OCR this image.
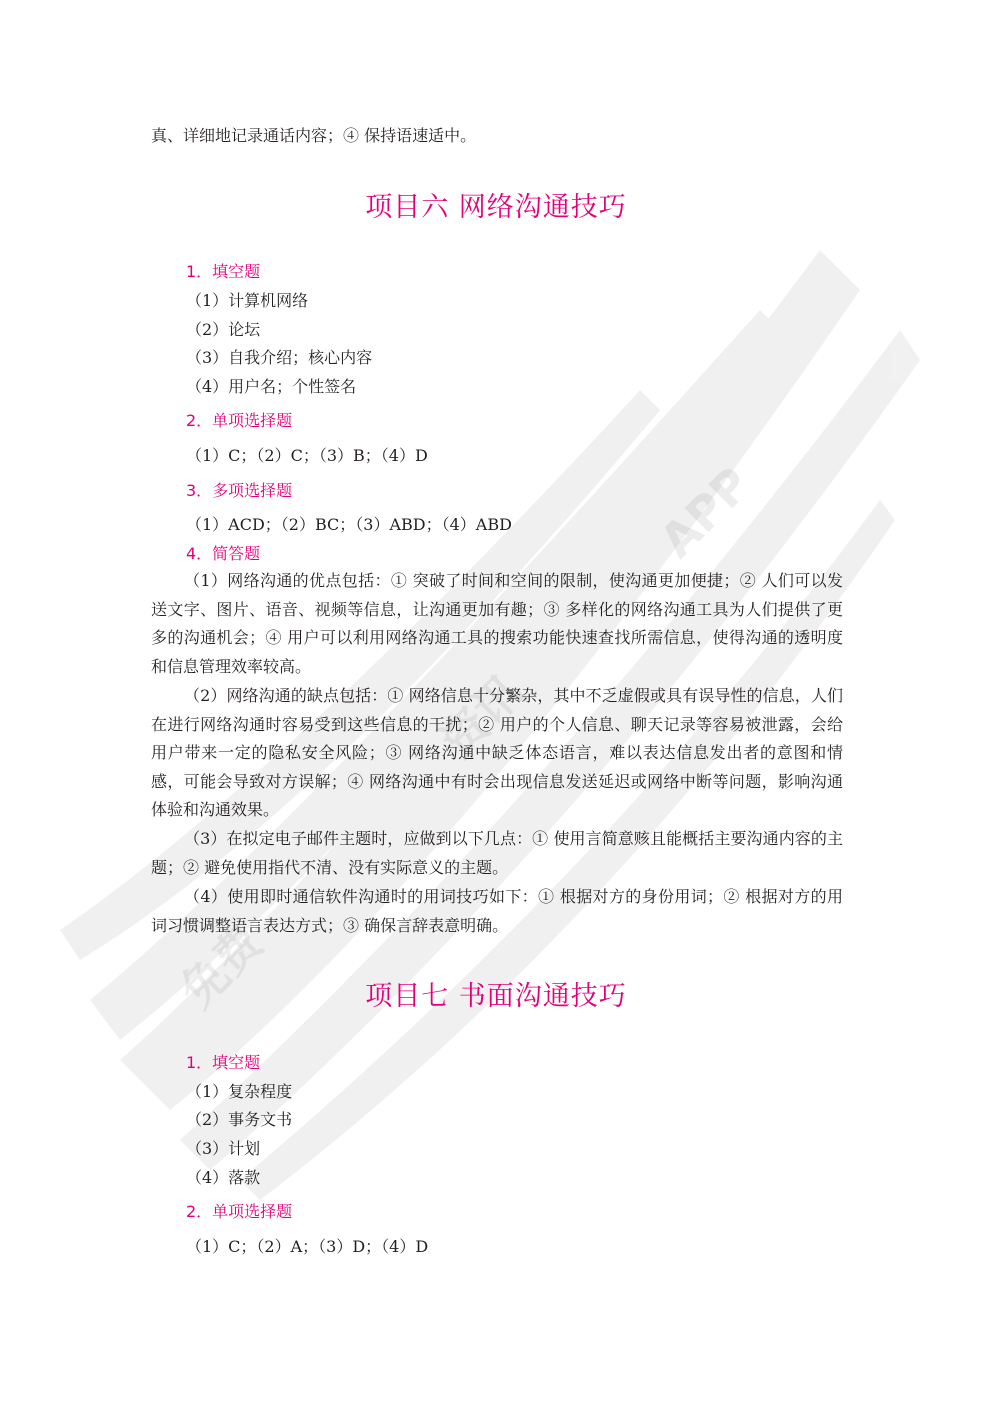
免费
资讯
APP
真、详细地记录通话内容；④ 保持语速适中。
项目六 网络沟通技巧
1．填空题
（1）计算机网络
（2）论坛
（3）自我介绍；核心内容
（4）用户名；个性签名
2．单项选择题
（1）C；（2）C；（3）B；（4）D
3．多项选择题
（1）ACD；（2）BC；（3）ABD；（4）ABD
4．简答题
（1）网络沟通的优点包括：① 突破了时间和空间的限制，使沟通更加便捷；② 人们可以发送文字、图片、语音、视频等信息，让沟通更加有趣；③ 多样化的网络沟通工具为人们提供了更多的沟通机会；④ 用户可以利用网络沟通工具的搜索功能快速查找所需信息，使得沟通的透明度和信息管理效率较高。
（2）网络沟通的缺点包括：① 网络信息十分繁杂，其中不乏虚假或具有误导性的信息，人们在进行网络沟通时容易受到这些信息的干扰；② 用户的个人信息、聊天记录等容易被泄露，会给用户带来一定的隐私安全风险；③ 网络沟通中缺乏体态语言，难以表达信息发出者的意图和情感，可能会导致对方误解；④ 网络沟通中有时会出现信息发送延迟或网络中断等问题，影响沟通体验和沟通效果。
（3）在拟定电子邮件主题时，应做到以下几点：① 使用言简意赅且能概括主要沟通内容的主题；② 避免使用指代不清、没有实际意义的主题。
（4）使用即时通信软件沟通时的用词技巧如下：① 根据对方的身份用词；② 根据对方的用词习惯调整语言表达方式；③ 确保言辞表意明确。
项目七 书面沟通技巧
1．填空题
（1）复杂程度
（2）事务文书
（3）计划
（4）落款
2．单项选择题
（1）C；（2）A；（3）D；（4）D
